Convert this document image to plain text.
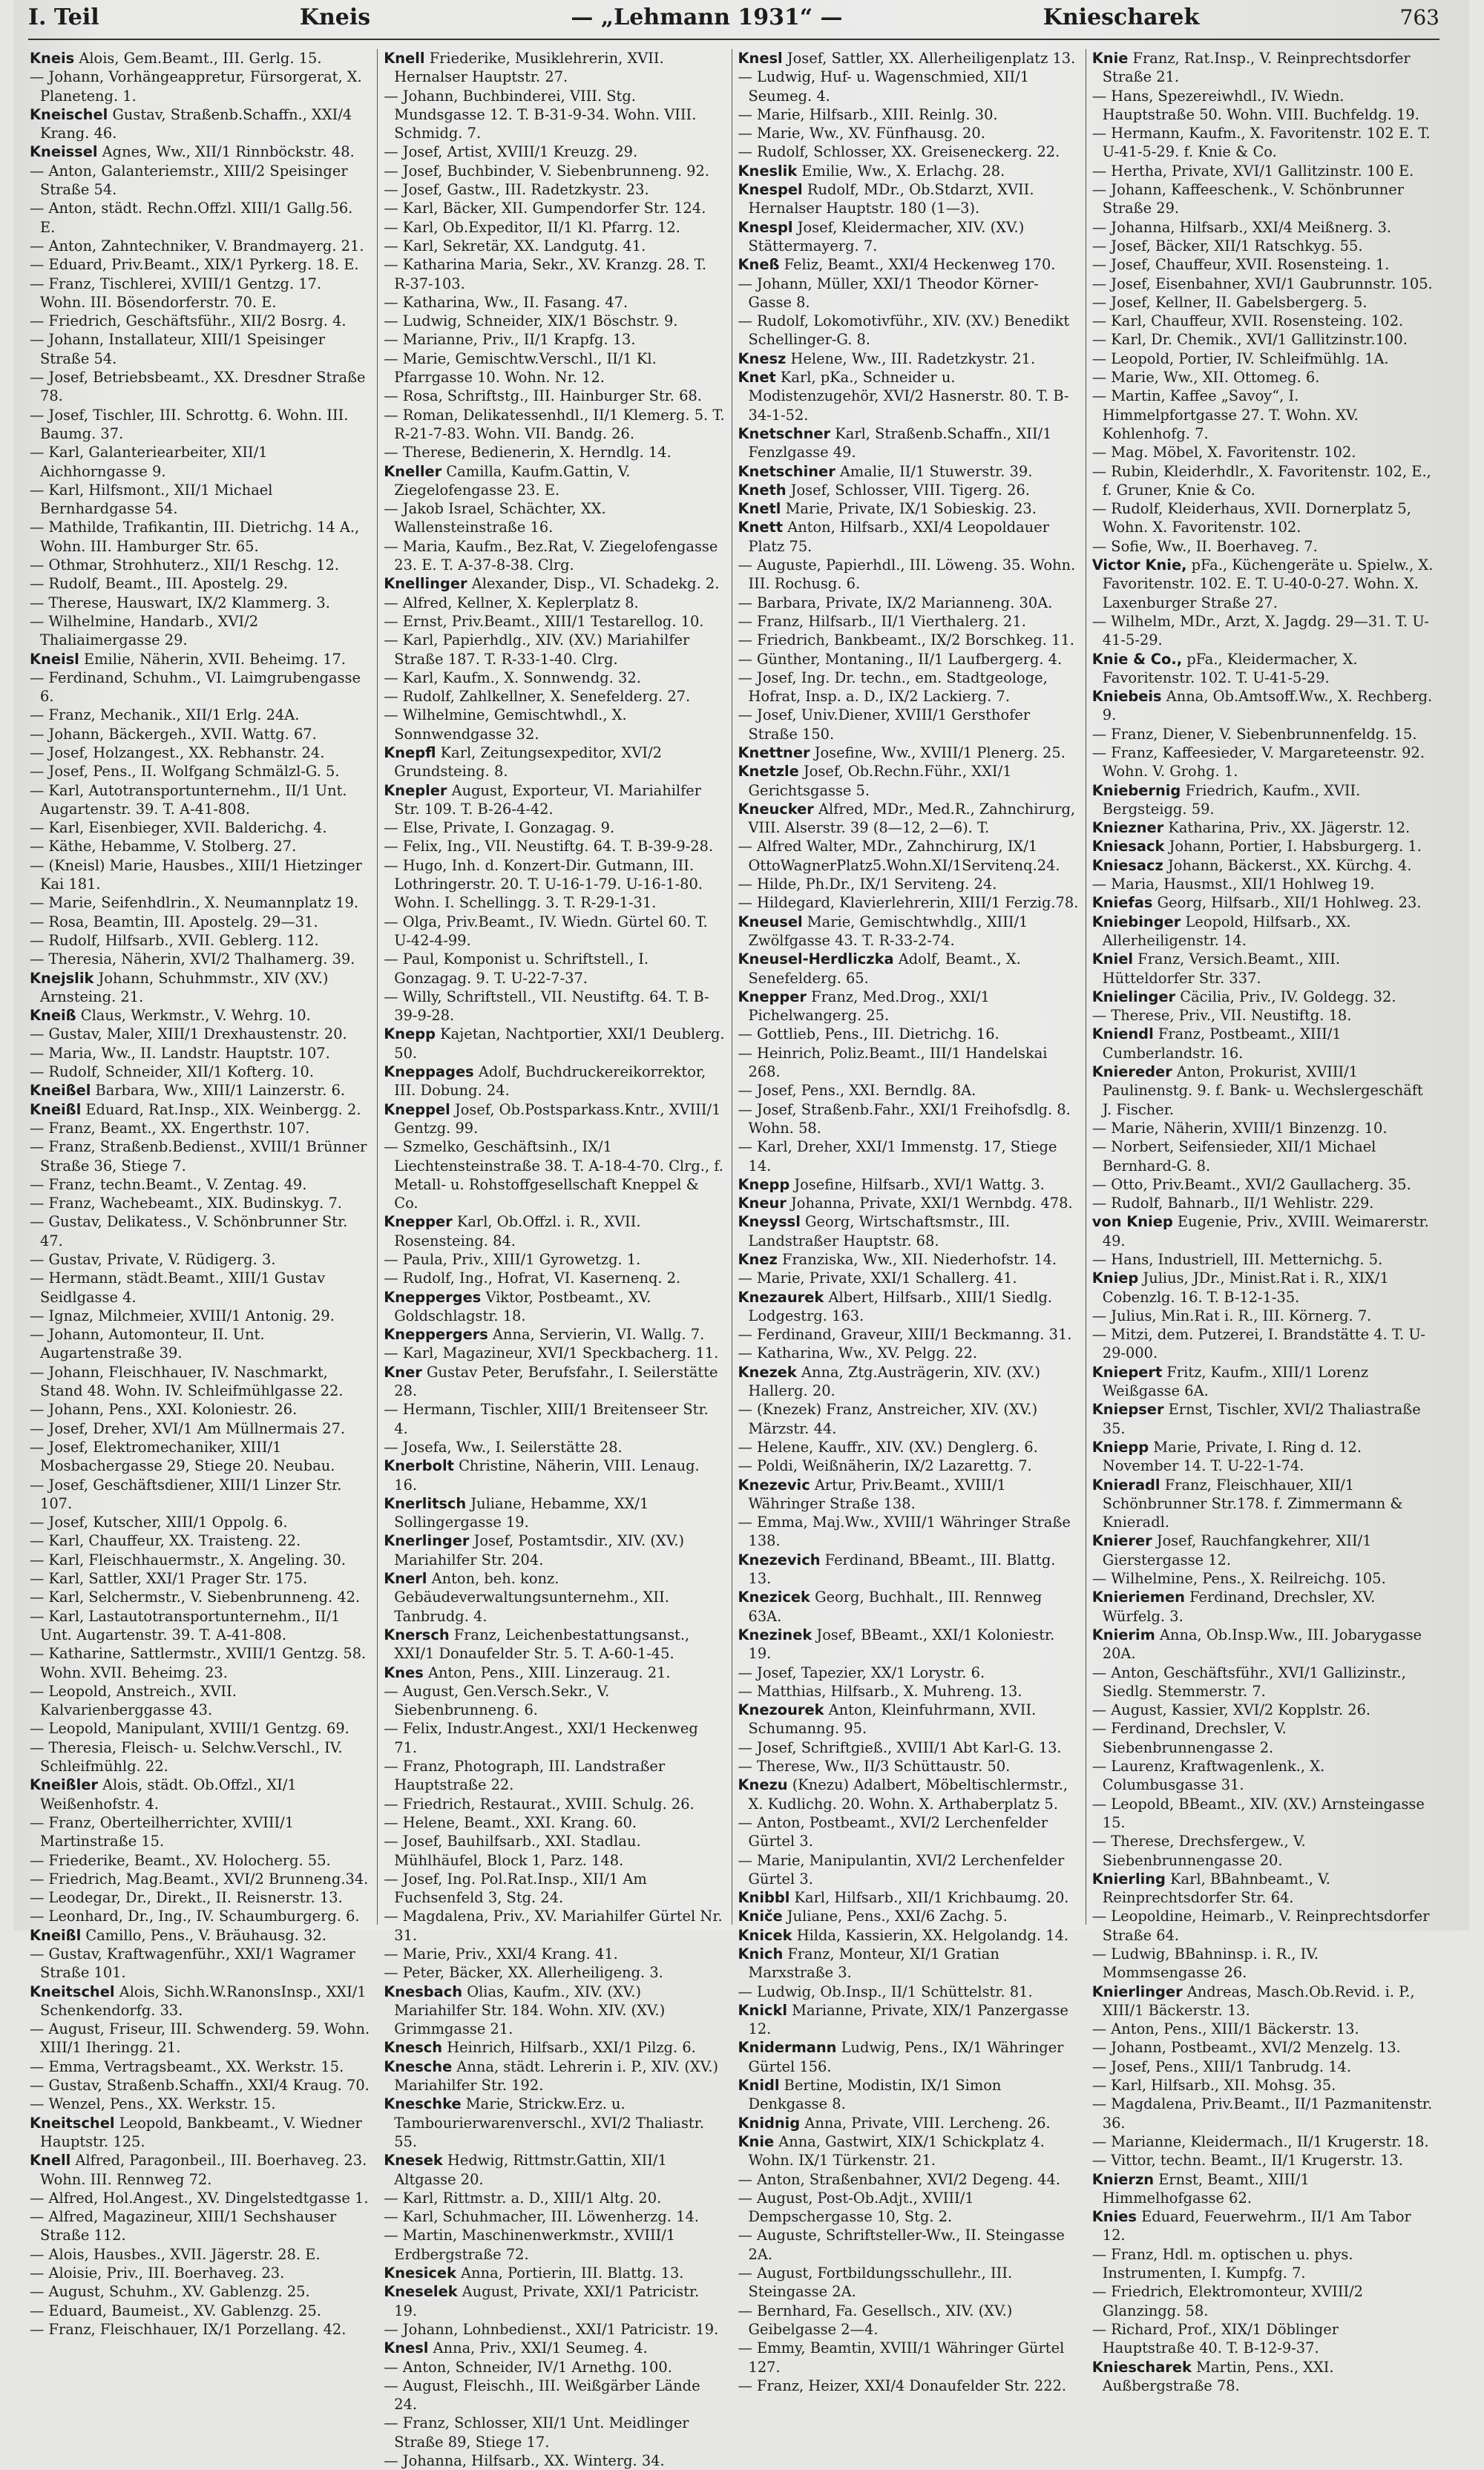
I. Teil	Kneis	— „Lehmann 1931“ —	Kniescharek	763

Kneis Alois, Gem.Beamt., III. Gerlg. 15.

— Johann, Vorhängeappretur, Fürsorgerat, X. Planeteng. 1.

Kneischel Gustav, Straßenb.Schaffn., XXI/4 Krang. 46.

Kneissel Agnes, Ww., XII/1 Rinnböckstr. 48.

— Anton, Galanteriemstr., XIII/2 Speisinger Straße 54.

— Anton, städt. Rechn.Offzl. XIII/1 Gallg.56. E.

— Anton, Zahntechniker, V. Brandmayerg. 21.

— Eduard, Priv.Beamt., XIX/1 Pyrkerg. 18. E.

— Franz, Tischlerei, XVIII/1 Gentzg. 17. Wohn. III. Bösendorferstr. 70. E.

— Friedrich, Geschäftsführ., XII/2 Bosrg. 4.

— Johann, Installateur, XIII/1 Speisinger Straße 54.

— Josef, Betriebsbeamt., XX. Dresdner Straße 78.

— Josef, Tischler, III. Schrottg. 6. Wohn. III. Baumg. 37.

— Karl, Galanteriearbeiter, XII/1 Aichhorngasse 9.

— Karl, Hilfsmont., XII/1 Michael Bernhardgasse 54.

— Mathilde, Trafikantin, III. Dietrichg. 14 A., Wohn. III. Hamburger Str. 65.

— Othmar, Strohhuterz., XII/1 Reschg. 12.

— Rudolf, Beamt., III. Apostelg. 29.

— Therese, Hauswart, IX/2 Klammerg. 3.

— Wilhelmine, Handarb., XVI/2 Thaliaimergasse 29.

Kneisl Emilie, Näherin, XVII. Beheimg. 17.

— Ferdinand, Schuhm., VI. Laimgrubengasse 6.

— Franz, Mechanik., XII/1 Erlg. 24A.

— Johann, Bäckergeh., XVII. Wattg. 67.

— Josef, Holzangest., XX. Rebhanstr. 24.

— Josef, Pens., II. Wolfgang Schmälzl-G. 5.

— Karl, Autotransportunternehm., II/1 Unt. Augartenstr. 39. T. A-41-808.

— Karl, Eisenbieger, XVII. Balderichg. 4.

— Käthe, Hebamme, V. Stolberg. 27.

— (Kneisl) Marie, Hausbes., XIII/1 Hietzinger Kai 181.

— Marie, Seifenhdlrin., X. Neumannplatz 19.

— Rosa, Beamtin, III. Apostelg. 29—31.

— Rudolf, Hilfsarb., XVII. Geblerg. 112.

— Theresia, Näherin, XVI/2 Thalhamerg. 39.

Knejslik Johann, Schuhmmstr., XIV (XV.) Arnsteing. 21.

Kneiß Claus, Werkmstr., V. Wehrg. 10.

— Gustav, Maler, XIII/1 Drexhaustenstr. 20.

— Maria, Ww., II. Landstr. Hauptstr. 107.

— Rudolf, Schneider, XII/1 Kofterg. 10.

Kneißel Barbara, Ww., XIII/1 Lainzerstr. 6.

Kneißl Eduard, Rat.Insp., XIX. Weinbergg. 2.

— Franz, Beamt., XX. Engerthstr. 107.

— Franz, Straßenb.Bedienst., XVIII/1 Brünner Straße 36, Stiege 7.

— Franz, techn.Beamt., V. Zentag. 49.

— Franz, Wachebeamt., XIX. Budinskyg. 7.

— Gustav, Delikatess., V. Schönbrunner Str. 47.

— Gustav, Private, V. Rüdigerg. 3.

— Hermann, städt.Beamt., XIII/1 Gustav Seidlgasse 4.

— Ignaz, Milchmeier, XVIII/1 Antonig. 29.

— Johann, Automonteur, II. Unt. Augartenstraße 39.

— Johann, Fleischhauer, IV. Naschmarkt, Stand 48. Wohn. IV. Schleifmühlgasse 22.

— Johann, Pens., XXI. Koloniestr. 26.

— Josef, Dreher, XVI/1 Am Müllnermais 27.

— Josef, Elektromechaniker, XIII/1 Mosbachergasse 29, Stiege 20. Neubau.

— Josef, Geschäftsdiener, XIII/1 Linzer Str. 107.

— Josef, Kutscher, XIII/1 Oppolg. 6.

— Karl, Chauffeur, XX. Traisteng. 22.

— Karl, Fleischhauermstr., X. Angeling. 30.

— Karl, Sattler, XXI/1 Prager Str. 175.

— Karl, Selchermstr., V. Siebenbrunneng. 42.

— Karl, Lastautotransportunternehm., II/1 Unt. Augartenstr. 39. T. A-41-808.

— Katharine, Sattlermstr., XVIII/1 Gentzg. 58. Wohn. XVII. Beheimg. 23.

— Leopold, Anstreich., XVII. Kalvarienberggasse 43.

— Leopold, Manipulant, XVIII/1 Gentzg. 69.

— Theresia, Fleisch- u. Selchw.Verschl., IV. Schleifmühlg. 22.

Kneißler Alois, städt. Ob.Offzl., XI/1 Weißenhofstr. 4.

— Franz, Oberteilherrichter, XVIII/1 Martinstraße 15.

— Friederike, Beamt., XV. Holocherg. 55.

— Friedrich, Mag.Beamt., XVI/2 Brunneng.34.

— Leodegar, Dr., Direkt., II. Reisnerstr. 13.

— Leonhard, Dr., Ing., IV. Schaumburgerg. 6.

Kneißl Camillo, Pens., V. Bräuhausg. 32.

— Gustav, Kraftwagenführ., XXI/1 Wagramer Straße 101.

Kneitschel Alois, Sichh.W.RanonsInsp., XXI/1 Schenkendorfg. 33.

— August, Friseur, III. Schwenderg. 59. Wohn. XIII/1 Iheringg. 21.

— Emma, Vertragsbeamt., XX. Werkstr. 15.

— Gustav, Straßenb.Schaffn., XXI/4 Kraug. 70.

— Wenzel, Pens., XX. Werkstr. 15.

Kneitschel Leopold, Bankbeamt., V. Wiedner Hauptstr. 125.

Knell Alfred, Paragonbeil., III. Boerhaveg. 23. Wohn. III. Rennweg 72.

— Alfred, Hol.Angest., XV. Dingelstedtgasse 1.

— Alfred, Magazineur, XIII/1 Sechshauser Straße 112.

— Alois, Hausbes., XVII. Jägerstr. 28. E.

— Aloisie, Priv., III. Boerhaveg. 23.

— August, Schuhm., XV. Gablenzg. 25.

— Eduard, Baumeist., XV. Gablenzg. 25.

— Franz, Fleischhauer, IX/1 Porzellang. 42.

Knell Friederike, Musiklehrerin, XVII. Hernalser Hauptstr. 27.

— Johann, Buchbinderei, VIII. Stg. Mundsgasse 12. T. B-31-9-34. Wohn. VIII. Schmidg. 7.

— Josef, Artist, XVIII/1 Kreuzg. 29.

— Josef, Buchbinder, V. Siebenbrunneng. 92.

— Josef, Gastw., III. Radetzkystr. 23.

— Karl, Bäcker, XII. Gumpendorfer Str. 124.

— Karl, Ob.Expeditor, II/1 Kl. Pfarrg. 12.

— Karl, Sekretär, XX. Landgutg. 41.

— Katharina Maria, Sekr., XV. Kranzg. 28. T. R-37-103.

— Katharina, Ww., II. Fasang. 47.

— Ludwig, Schneider, XIX/1 Böschstr. 9.

— Marianne, Priv., II/1 Krapfg. 13.

— Marie, Gemischtw.Verschl., II/1 Kl. Pfarrgasse 10. Wohn. Nr. 12.

— Rosa, Schriftstg., III. Hainburger Str. 68.

— Roman, Delikatessenhdl., II/1 Klemerg. 5. T. R-21-7-83. Wohn. VII. Bandg. 26.

— Therese, Bedienerin, X. Herndlg. 14.

Kneller Camilla, Kaufm.Gattin, V. Ziegelofengasse 23. E.

— Jakob Israel, Schächter, XX. Wallensteinstraße 16.

— Maria, Kaufm., Bez.Rat, V. Ziegelofengasse 23. E. T. A-37-8-38. Clrg.

Knellinger Alexander, Disp., VI. Schadekg. 2.

— Alfred, Kellner, X. Keplerplatz 8.

— Ernst, Priv.Beamt., XIII/1 Testarellog. 10.

— Karl, Papierhdlg., XIV. (XV.) Mariahilfer Straße 187. T. R-33-1-40. Clrg.

— Karl, Kaufm., X. Sonnwendg. 32.

— Rudolf, Zahlkellner, X. Senefelderg. 27.

— Wilhelmine, Gemischtwhdl., X. Sonnwendgasse 32.

Knepfl Karl, Zeitungsexpeditor, XVI/2 Grundsteing. 8.

Knepler August, Exporteur, VI. Mariahilfer Str. 109. T. B-26-4-42.

— Else, Private, I. Gonzagag. 9.

— Felix, Ing., VII. Neustiftg. 64. T. B-39-9-28.

— Hugo, Inh. d. Konzert-Dir. Gutmann, III. Lothringerstr. 20. T. U-16-1-79. U-16-1-80. Wohn. I. Schellingg. 3. T. R-29-1-31.

— Olga, Priv.Beamt., IV. Wiedn. Gürtel 60. T. U-42-4-99.

— Paul, Komponist u. Schriftstell., I. Gonzagag. 9. T. U-22-7-37.

— Willy, Schriftstell., VII. Neustiftg. 64. T. B-39-9-28.

Knepp Kajetan, Nachtportier, XXI/1 Deublerg. 50.

Kneppages Adolf, Buchdruckereikorrektor, III. Dobung. 24.

Kneppel Josef, Ob.Postsparkass.Kntr., XVIII/1 Gentzg. 99.

— Szmelko, Geschäftsinh., IX/1 Liechtensteinstraße 38. T. A-18-4-70. Clrg., f. Metall- u. Rohstoffgesellschaft Kneppel & Co.

Knepper Karl, Ob.Offzl. i. R., XVII. Rosensteing. 84.

— Paula, Priv., XIII/1 Gyrowetzg. 1.

— Rudolf, Ing., Hofrat, VI. Kasernenq. 2.

Knepperges Viktor, Postbeamt., XV. Goldschlagstr. 18.

Kneppergers Anna, Servierin, VI. Wallg. 7.

— Karl, Magazineur, XVI/1 Speckbacherg. 11.

Kner Gustav Peter, Berufsfahr., I. Seilerstätte 28.

— Hermann, Tischler, XIII/1 Breitenseer Str. 4.

— Josefa, Ww., I. Seilerstätte 28.

Knerbolt Christine, Näherin, VIII. Lenaug. 16.

Knerlitsch Juliane, Hebamme, XX/1 Sollingergasse 19.

Knerlinger Josef, Postamtsdir., XIV. (XV.) Mariahilfer Str. 204.

Knerl Anton, beh. konz. Gebäudeverwaltungsunternehm., XII. Tanbrudg. 4.

Knersch Franz, Leichenbestattungsanst., XXI/1 Donaufelder Str. 5. T. A-60-1-45.

Knes Anton, Pens., XIII. Linzeraug. 21.

— August, Gen.Versch.Sekr., V. Siebenbrunneng. 6.

— Felix, Industr.Angest., XXI/1 Heckenweg 71.

— Franz, Photograph, III. Landstraßer Hauptstraße 22.

— Friedrich, Restaurat., XVIII. Schulg. 26.

— Helene, Beamt., XXI. Krang. 60.

— Josef, Bauhilfsarb., XXI. Stadlau. Mühlhäufel, Block 1, Parz. 148.

— Josef, Ing. Pol.Rat.Insp., XII/1 Am Fuchsenfeld 3, Stg. 24.

— Magdalena, Priv., XV. Mariahilfer Gürtel Nr. 31.

— Marie, Priv., XXI/4 Krang. 41.

— Peter, Bäcker, XX. Allerheiligeng. 3.

Knesbach Olias, Kaufm., XIV. (XV.) Mariahilfer Str. 184. Wohn. XIV. (XV.) Grimmgasse 21.

Knesch Heinrich, Hilfsarb., XXI/1 Pilzg. 6.

Knesche Anna, städt. Lehrerin i. P., XIV. (XV.) Mariahilfer Str. 192.

Kneschke Marie, Strickw.Erz. u. Tambourierwarenverschl., XVI/2 Thaliastr. 55.

Knesek Hedwig, Rittmstr.Gattin, XII/1 Altgasse 20.

— Karl, Rittmstr. a. D., XIII/1 Altg. 20.

— Karl, Schuhmacher, III. Löwenherzg. 14.

— Martin, Maschinenwerkmstr., XVIII/1 Erdbergstraße 72.

Knesicek Anna, Portierin, III. Blattg. 13.

Kneselek August, Private, XXI/1 Patricistr. 19.

— Johann, Lohnbedienst., XXI/1 Patricistr. 19.

Knesl Anna, Priv., XXI/1 Seumeg. 4.

— Anton, Schneider, IV/1 Arnethg. 100.

— August, Fleischh., III. Weißgärber Lände 24.

— Franz, Schlosser, XII/1 Unt. Meidlinger Straße 89, Stiege 17.

— Johanna, Hilfsarb., XX. Winterg. 34.

Knesl Josef, Sattler, XX. Allerheiligenplatz 13.

— Ludwig, Huf- u. Wagenschmied, XII/1 Seumeg. 4.

— Marie, Hilfsarb., XIII. Reinlg. 30.

— Marie, Ww., XV. Fünfhausg. 20.

— Rudolf, Schlosser, XX. Greiseneckerg. 22.

Kneslik Emilie, Ww., X. Erlachg. 28.

Knespel Rudolf, MDr., Ob.Stdarzt, XVII. Hernalser Hauptstr. 180 (1—3).

Knespl Josef, Kleidermacher, XIV. (XV.) Stättermayerg. 7.

Kneß Feliz, Beamt., XXI/4 Heckenweg 170.

— Johann, Müller, XXI/1 Theodor Körner-Gasse 8.

— Rudolf, Lokomotivführ., XIV. (XV.) Benedikt Schellinger-G. 8.

Knesz Helene, Ww., III. Radetzkystr. 21.

Knet Karl, pKa., Schneider u. Modistenzugehör, XVI/2 Hasnerstr. 80. T. B-34-1-52.

Knetschner Karl, Straßenb.Schaffn., XII/1 Fenzlgasse 49.

Knetschiner Amalie, II/1 Stuwerstr. 39.

Kneth Josef, Schlosser, VIII. Tigerg. 26.

Knetl Marie, Private, IX/1 Sobieskig. 23.

Knett Anton, Hilfsarb., XXI/4 Leopoldauer Platz 75.

— Auguste, Papierhdl., III. Löweng. 35. Wohn. III. Rochusg. 6.

— Barbara, Private, IX/2 Marianneng. 30A.

— Franz, Hilfsarb., II/1 Vierthalerg. 21.

— Friedrich, Bankbeamt., IX/2 Borschkeg. 11.

— Günther, Montaning., II/1 Laufbergerg. 4.

— Josef, Ing. Dr. techn., em. Stadtgeologe, Hofrat, Insp. a. D., IX/2 Lackierg. 7.

— Josef, Univ.Diener, XVIII/1 Gersthofer Straße 150.

Knettner Josefine, Ww., XVIII/1 Plenerg. 25.

Knetzle Josef, Ob.Rechn.Führ., XXI/1 Gerichtsgasse 5.

Kneucker Alfred, MDr., Med.R., Zahnchirurg, VIII. Alserstr. 39 (8—12, 2—6). T.

— Alfred Walter, MDr., Zahnchirurg, IX/1 OttoWagnerPlatz5.Wohn.XI/1Servitenq.24.

— Hilde, Ph.Dr., IX/1 Serviteng. 24.

— Hildegard, Klavierlehrerin, XIII/1 Ferzig.78.

Kneusel Marie, Gemischtwhdlg., XIII/1 Zwölfgasse 43. T. R-33-2-74.

Kneusel-Herdliczka Adolf, Beamt., X. Senefelderg. 65.

Knepper Franz, Med.Drog., XXI/1 Pichelwangerg. 25.

— Gottlieb, Pens., III. Dietrichg. 16.

— Heinrich, Poliz.Beamt., III/1 Handelskai 268.

— Josef, Pens., XXI. Berndlg. 8A.

— Josef, Straßenb.Fahr., XXI/1 Freihofsdlg. 8. Wohn. 58.

— Karl, Dreher, XXI/1 Immenstg. 17, Stiege 14.

Knepp Josefine, Hilfsarb., XVI/1 Wattg. 3.

Kneur Johanna, Private, XXI/1 Wernbdg. 478.

Kneyssl Georg, Wirtschaftsmstr., III. Landstraßer Hauptstr. 68.

Knez Franziska, Ww., XII. Niederhofstr. 14.

— Marie, Private, XXI/1 Schallerg. 41.

Knezaurek Albert, Hilfsarb., XIII/1 Siedlg. Lodgestrg. 163.

— Ferdinand, Graveur, XIII/1 Beckmanng. 31.

— Katharina, Ww., XV. Pelgg. 22.

Knezek Anna, Ztg.Austrägerin, XIV. (XV.) Hallerg. 20.

— (Knezek) Franz, Anstreicher, XIV. (XV.) Märzstr. 44.

— Helene, Kauffr., XIV. (XV.) Denglerg. 6.

— Poldi, Weißnäherin, IX/2 Lazarettg. 7.

Knezevic Artur, Priv.Beamt., XVIII/1 Währinger Straße 138.

— Emma, Maj.Ww., XVIII/1 Währinger Straße 138.

Knezevich Ferdinand, BBeamt., III. Blattg. 13.

Knezicek Georg, Buchhalt., III. Rennweg 63A.

Knezinek Josef, BBeamt., XXI/1 Koloniestr. 19.

— Josef, Tapezier, XX/1 Lorystr. 6.

— Matthias, Hilfsarb., X. Muhreng. 13.

Knezourek Anton, Kleinfuhrmann, XVII. Schumanng. 95.

— Josef, Schriftgieß., XVIII/1 Abt Karl-G. 13.

— Therese, Ww., II/3 Schüttaustr. 50.

Knezu (Knezu) Adalbert, Möbeltischlermstr., X. Kudlichg. 20. Wohn. X. Arthaberplatz 5.

— Anton, Postbeamt., XVI/2 Lerchenfelder Gürtel 3.

— Marie, Manipulantin, XVI/2 Lerchenfelder Gürtel 3.

Knibbl Karl, Hilfsarb., XII/1 Krichbaumg. 20.

Kniče Juliane, Pens., XXI/6 Zachg. 5.

Knicek Hilda, Kassierin, XX. Helgolandg. 14.

Knich Franz, Monteur, XI/1 Gratian Marxstraße 3.

— Ludwig, Ob.Insp., II/1 Schüttelstr. 81.

Knickl Marianne, Private, XIX/1 Panzergasse 12.

Knidermann Ludwig, Pens., IX/1 Währinger Gürtel 156.

Knidl Bertine, Modistin, IX/1 Simon Denkgasse 8.

Knidnig Anna, Private, VIII. Lercheng. 26.

Knie Anna, Gastwirt, XIX/1 Schickplatz 4. Wohn. IX/1 Türkenstr. 21.

— Anton, Straßenbahner, XVI/2 Degeng. 44.

— August, Post-Ob.Adjt., XVIII/1 Dempschergasse 10, Stg. 2.

— Auguste, Schriftsteller-Ww., II. Steingasse 2A.

— August, Fortbildungsschullehr., III. Steingasse 2A.

— Bernhard, Fa. Gesellsch., XIV. (XV.) Geibelgasse 2—4.

— Emmy, Beamtin, XVIII/1 Währinger Gürtel 127.

— Franz, Heizer, XXI/4 Donaufelder Str. 222.

Knie Franz, Rat.Insp., V. Reinprechtsdorfer Straße 21.

— Hans, Spezereiwhdl., IV. Wiedn. Hauptstraße 50. Wohn. VIII. Buchfeldg. 19.

— Hermann, Kaufm., X. Favoritenstr. 102 E. T. U-41-5-29. f. Knie & Co.

— Hertha, Private, XVI/1 Gallitzinstr. 100 E.

— Johann, Kaffeeschenk., V. Schönbrunner Straße 29.

— Johanna, Hilfsarb., XXI/4 Meißnerg. 3.

— Josef, Bäcker, XII/1 Ratschkyg. 55.

— Josef, Chauffeur, XVII. Rosensteing. 1.

— Josef, Eisenbahner, XVI/1 Gaubrunnstr. 105.

— Josef, Kellner, II. Gabelsbergerg. 5.

— Karl, Chauffeur, XVII. Rosensteing. 102.

— Karl, Dr. Chemik., XVI/1 Gallitzinstr.100.

— Leopold, Portier, IV. Schleifmühlg. 1A.

— Marie, Ww., XII. Ottomeg. 6.

— Martin, Kaffee „Savoy“, I. Himmelpfortgasse 27. T. Wohn. XV. Kohlenhofg. 7.

— Mag. Möbel, X. Favoritenstr. 102.

— Rubin, Kleiderhdlr., X. Favoritenstr. 102, E., f. Gruner, Knie & Co.

— Rudolf, Kleiderhaus, XVII. Dornerplatz 5, Wohn. X. Favoritenstr. 102.

— Sofie, Ww., II. Boerhaveg. 7.

Victor Knie, pFa., Küchengeräte u. Spielw., X. Favoritenstr. 102. E. T. U-40-0-27. Wohn. X. Laxenburger Straße 27.

— Wilhelm, MDr., Arzt, X. Jagdg. 29—31. T. U-41-5-29.

Knie & Co., pFa., Kleidermacher, X. Favoritenstr. 102. T. U-41-5-29.

Kniebeis Anna, Ob.Amtsoff.Ww., X. Rechberg. 9.

— Franz, Diener, V. Siebenbrunnenfeldg. 15.

— Franz, Kaffeesieder, V. Margareteenstr. 92. Wohn. V. Grohg. 1.

Kniebernig Friedrich, Kaufm., XVII. Bergsteigg. 59.

Kniezner Katharina, Priv., XX. Jägerstr. 12.

Kniesack Johann, Portier, I. Habsburgerg. 1.

Kniesacz Johann, Bäckerst., XX. Kürchg. 4.

— Maria, Hausmst., XII/1 Hohlweg 19.

Kniefas Georg, Hilfsarb., XII/1 Hohlweg. 23.

Kniebinger Leopold, Hilfsarb., XX. Allerheiligenstr. 14.

Kniel Franz, Versich.Beamt., XIII. Hütteldorfer Str. 337.

Knielinger Cäcilia, Priv., IV. Goldegg. 32.

— Therese, Priv., VII. Neustiftg. 18.

Kniendl Franz, Postbeamt., XIII/1 Cumberlandstr. 16.

Kniereder Anton, Prokurist, XVIII/1 Paulinenstg. 9. f. Bank- u. Wechslergeschäft J. Fischer.

— Marie, Näherin, XVIII/1 Binzenzg. 10.

— Norbert, Seifensieder, XII/1 Michael Bernhard-G. 8.

— Otto, Priv.Beamt., XVI/2 Gaullacherg. 35.

— Rudolf, Bahnarb., II/1 Wehlistr. 229.

von Kniep Eugenie, Priv., XVIII. Weimarerstr. 49.

— Hans, Industriell, III. Metternichg. 5.

Kniep Julius, JDr., Minist.Rat i. R., XIX/1 Cobenzlg. 16. T. B-12-1-35.

— Julius, Min.Rat i. R., III. Körnerg. 7.

— Mitzi, dem. Putzerei, I. Brandstätte 4. T. U-29-000.

Kniepert Fritz, Kaufm., XIII/1 Lorenz Weißgasse 6A.

Kniepser Ernst, Tischler, XVI/2 Thaliastraße 35.

Kniepp Marie, Private, I. Ring d. 12. November 14. T. U-22-1-74.

Knieradl Franz, Fleischhauer, XII/1 Schönbrunner Str.178. f. Zimmermann & Knieradl.

Knierer Josef, Rauchfangkehrer, XII/1 Gierstergasse 12.

— Wilhelmine, Pens., X. Reilreichg. 105.

Knieriemen Ferdinand, Drechsler, XV. Würfelg. 3.

Knierim Anna, Ob.Insp.Ww., III. Jobarygasse 20A.

— Anton, Geschäftsführ., XVI/1 Gallizinstr., Siedlg. Stemmerstr. 7.

— August, Kassier, XVI/2 Kopplstr. 26.

— Ferdinand, Drechsler, V. Siebenbrunnengasse 2.

— Laurenz, Kraftwagenlenk., X. Columbusgasse 31.

— Leopold, BBeamt., XIV. (XV.) Arnsteingasse 15.

— Therese, Drechsfergew., V. Siebenbrunnengasse 20.

Knierling Karl, BBahnbeamt., V. Reinprechtsdorfer Str. 64.

— Leopoldine, Heimarb., V. Reinprechtsdorfer Straße 64.

— Ludwig, BBahninsp. i. R., IV. Mommsengasse 26.

Knierlinger Andreas, Masch.Ob.Revid. i. P., XIII/1 Bäckerstr. 13.

— Anton, Pens., XIII/1 Bäckerstr. 13.

— Johann, Postbeamt., XVI/2 Menzelg. 13.

— Josef, Pens., XIII/1 Tanbrudg. 14.

— Karl, Hilfsarb., XII. Mohsg. 35.

— Magdalena, Priv.Beamt., II/1 Pazmanitenstr. 36.

— Marianne, Kleidermach., II/1 Krugerstr. 18.

— Vittor, techn. Beamt., II/1 Krugerstr. 13.

Knierzn Ernst, Beamt., XIII/1 Himmelhofgasse 62.

Knies Eduard, Feuerwehrm., II/1 Am Tabor 12.

— Franz, Hdl. m. optischen u. phys. Instrumenten, I. Kumpfg. 7.

— Friedrich, Elektromonteur, XVIII/2 Glanzingg. 58.

— Richard, Prof., XIX/1 Döblinger Hauptstraße 40. T. B-12-9-37.

Kniescharek Martin, Pens., XXI. Außbergstraße 78.
